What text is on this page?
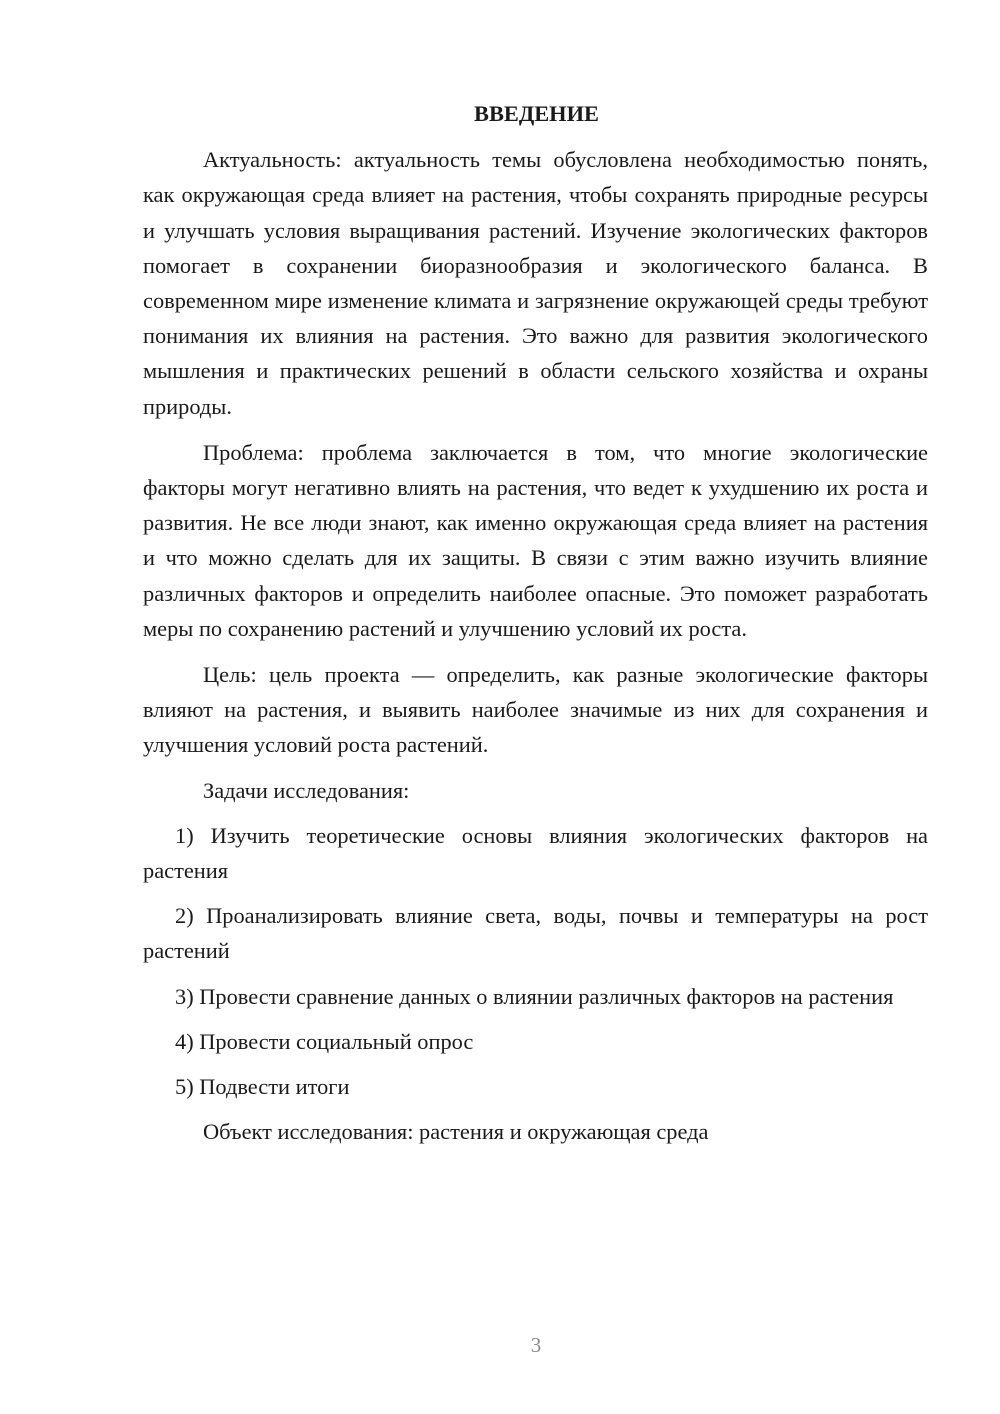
ВВЕДЕНИЕ

Актуальность: актуальность темы обусловлена необходимостью понять, как окружающая среда влияет на растения, чтобы сохранять природные ресурсы и улучшать условия выращивания растений. Изучение экологических факторов помогает в сохранении биоразнообразия и экологического баланса. В современном мире изменение климата и загрязнение окружающей среды требуют понимания их влияния на растения. Это важно для развития экологического мышления и практических решений в области сельского хозяйства и охраны природы.

Проблема: проблема заключается в том, что многие экологические факторы могут негативно влиять на растения, что ведет к ухудшению их роста и развития. Не все люди знают, как именно окружающая среда влияет на растения и что можно сделать для их защиты. В связи с этим важно изучить влияние различных факторов и определить наиболее опасные. Это поможет разработать меры по сохранению растений и улучшению условий их роста.

Цель: цель проекта — определить, как разные экологические факторы влияют на растения, и выявить наиболее значимые из них для сохранения и улучшения условий роста растений.

Задачи исследования:

1) Изучить теоретические основы влияния экологических факторов на растения

2) Проанализировать влияние света, воды, почвы и температуры на рост растений

3) Провести сравнение данных о влиянии различных факторов на растения

4) Провести социальный опрос

5) Подвести итоги

Объект исследования: растения и окружающая среда

3
